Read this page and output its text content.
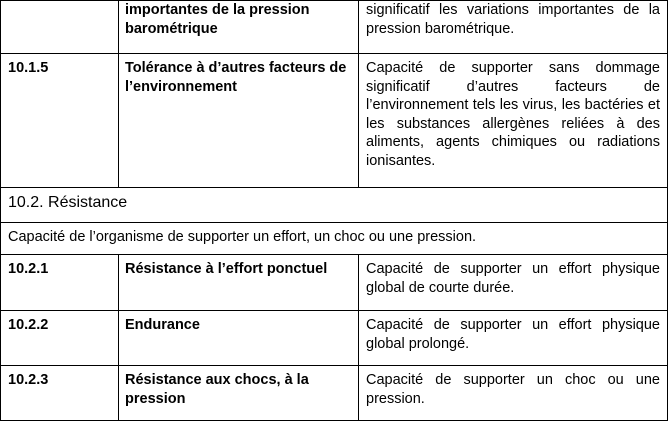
	importantes de la pression barométrique	significatif les variations importantes de la pression barométrique.
10.1.5	Tolérance à d’autres facteurs de l’environnement	Capacité de supporter sans dommage significatif d’autres facteurs de l’environnement tels les virus, les bactéries et les substances allergènes reliées à des aliments, agents chimiques ou radiations ionisantes.
10.2. Résistance		
Capacité de l’organisme de supporter un effort, un choc ou une pression.		
10.2.1	Résistance à l’effort ponctuel	Capacité de supporter un effort physique global de courte durée.
10.2.2	Endurance	Capacité de supporter un effort physique global prolongé.
10.2.3	Résistance aux chocs, à la pression	Capacité de supporter un choc ou une pression.
